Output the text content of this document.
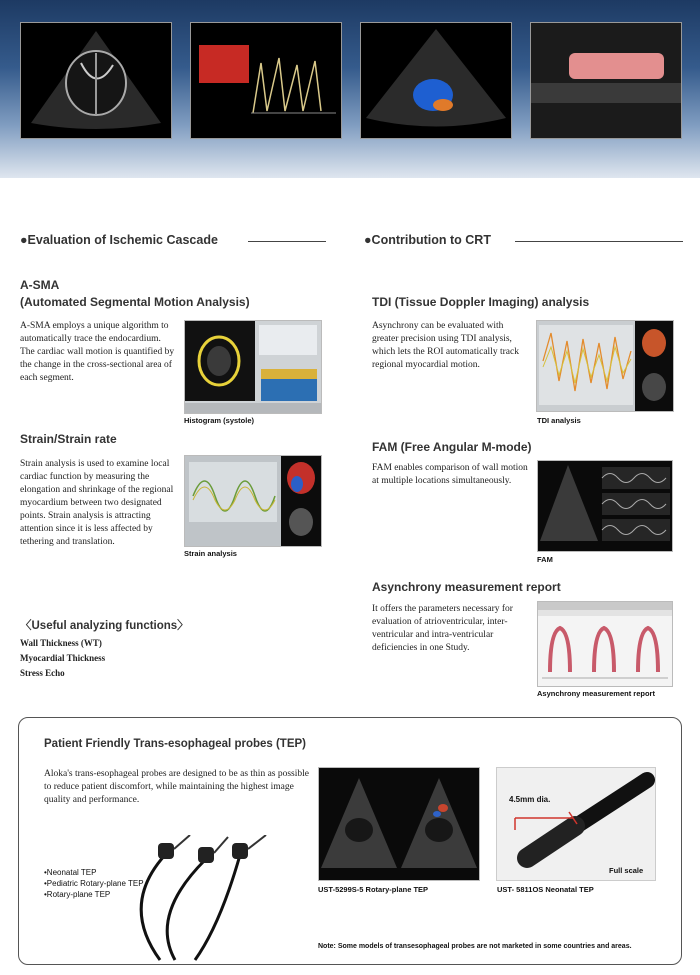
●Evaluation of Ischemic Cascade	●Contribution to CRT
A-SMA
(Automated Segmental Motion Analysis)
A-SMA employs a unique algorithm to automatically trace the endocardium. The cardiac wall motion is quantified by the change in the cross-sectional area of each segment.
Histogram (systole)
Strain/Strain rate
Strain analysis is used to examine local cardiac function by measuring the elongation and shrinkage of the regional myocardium between two designated points. Strain analysis is attracting attention since it is less affected by tethering and translation.
Strain analysis
〈Useful analyzing functions〉
Wall Thickness (WT)
Myocardial Thickness
Stress Echo
TDI (Tissue Doppler Imaging) analysis
Asynchrony can be evaluated with greater precision using TDI analysis, which lets the ROI automatically track regional myocardial motion.
TDI analysis
FAM (Free Angular M-mode)
FAM enables comparison of wall motion at multiple locations simultaneously.
FAM
Asynchrony measurement report
It offers the parameters necessary for evaluation of atrioventricular, inter-ventricular and intra-ventricular deficiencies in one Study.
Asynchrony measurement report
Patient Friendly Trans-esophageal probes (TEP)
Aloka's trans-esophageal probes are designed to be as thin as possible to reduce patient discomfort, while maintaining the highest image quality and performance.
•Neonatal TEP
•Pediatric Rotary-plane TEP
•Rotary-plane TEP
UST-5299S-5 Rotary-plane TEP
4.5mm dia.
Full scale
UST- 5811OS Neonatal TEP
Note: Some models of transesophageal probes are not marketed in some countries and areas.
